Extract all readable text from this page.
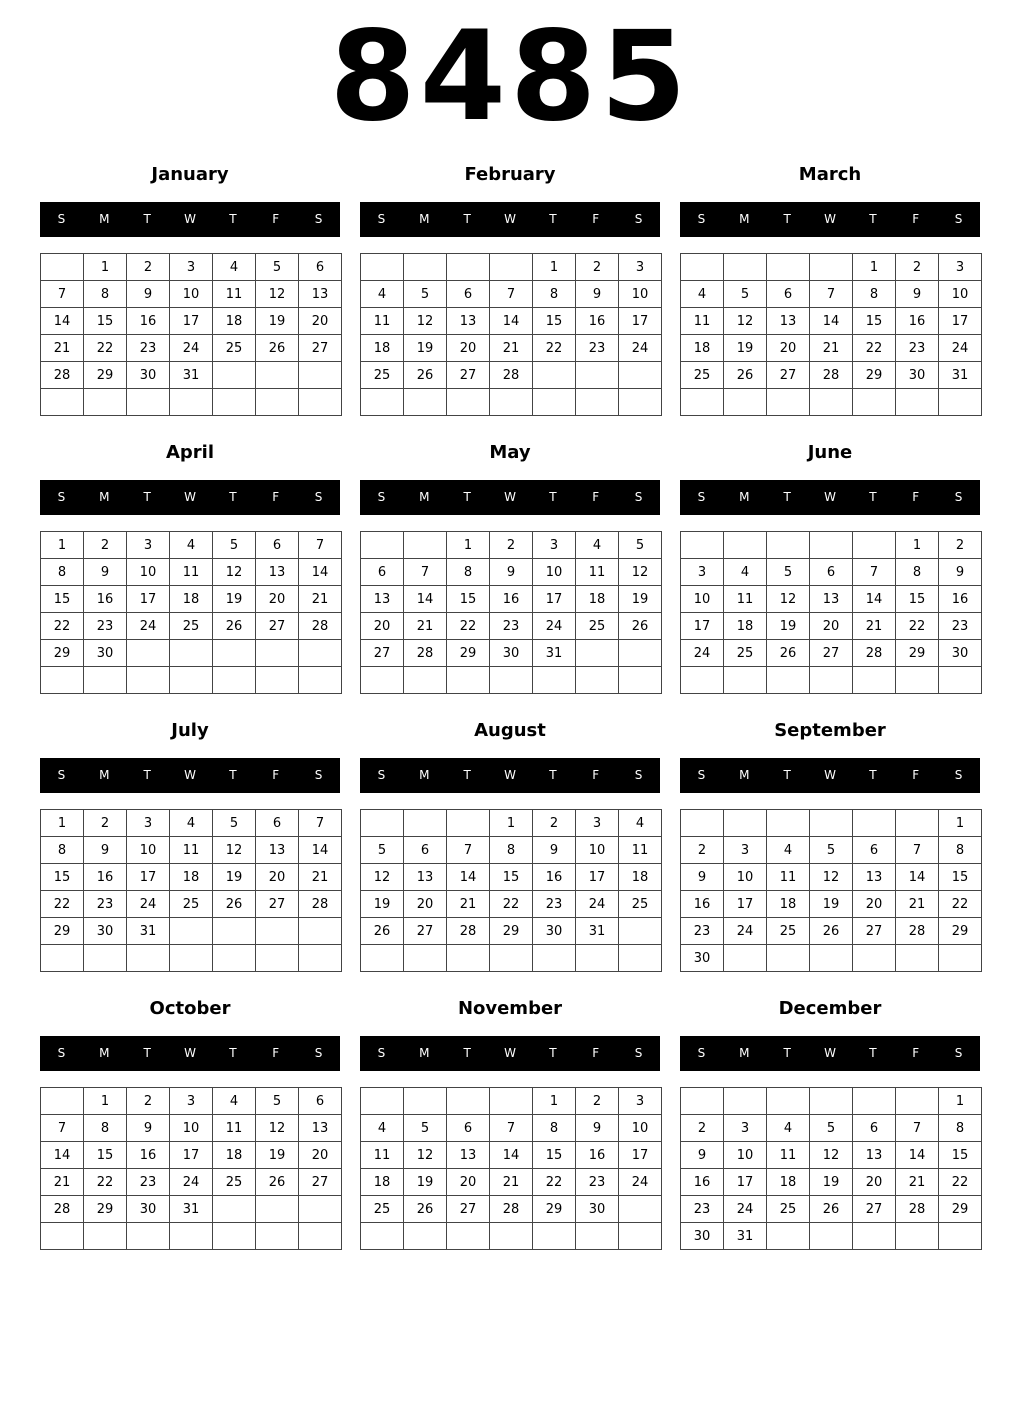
8485
January
S	M	T	W	T	F	S
	1	2	3	4	5	6
7	8	9	10	11	12	13
14	15	16	17	18	19	20
21	22	23	24	25	26	27
28	29	30	31			

February
S	M	T	W	T	F	S
				1	2	3
4	5	6	7	8	9	10
11	12	13	14	15	16	17
18	19	20	21	22	23	24
25	26	27	28			

March
S	M	T	W	T	F	S
				1	2	3
4	5	6	7	8	9	10
11	12	13	14	15	16	17
18	19	20	21	22	23	24
25	26	27	28	29	30	31

April
S	M	T	W	T	F	S
1	2	3	4	5	6	7
8	9	10	11	12	13	14
15	16	17	18	19	20	21
22	23	24	25	26	27	28
29	30					

May
S	M	T	W	T	F	S
		1	2	3	4	5
6	7	8	9	10	11	12
13	14	15	16	17	18	19
20	21	22	23	24	25	26
27	28	29	30	31		

June
S	M	T	W	T	F	S
					1	2
3	4	5	6	7	8	9
10	11	12	13	14	15	16
17	18	19	20	21	22	23
24	25	26	27	28	29	30

July
S	M	T	W	T	F	S
1	2	3	4	5	6	7
8	9	10	11	12	13	14
15	16	17	18	19	20	21
22	23	24	25	26	27	28
29	30	31				

August
S	M	T	W	T	F	S
			1	2	3	4
5	6	7	8	9	10	11
12	13	14	15	16	17	18
19	20	21	22	23	24	25
26	27	28	29	30	31	

September
S	M	T	W	T	F	S
						1
2	3	4	5	6	7	8
9	10	11	12	13	14	15
16	17	18	19	20	21	22
23	24	25	26	27	28	29
30						
October
S	M	T	W	T	F	S
	1	2	3	4	5	6
7	8	9	10	11	12	13
14	15	16	17	18	19	20
21	22	23	24	25	26	27
28	29	30	31			

November
S	M	T	W	T	F	S
				1	2	3
4	5	6	7	8	9	10
11	12	13	14	15	16	17
18	19	20	21	22	23	24
25	26	27	28	29	30	

December
S	M	T	W	T	F	S
						1
2	3	4	5	6	7	8
9	10	11	12	13	14	15
16	17	18	19	20	21	22
23	24	25	26	27	28	29
30	31					
